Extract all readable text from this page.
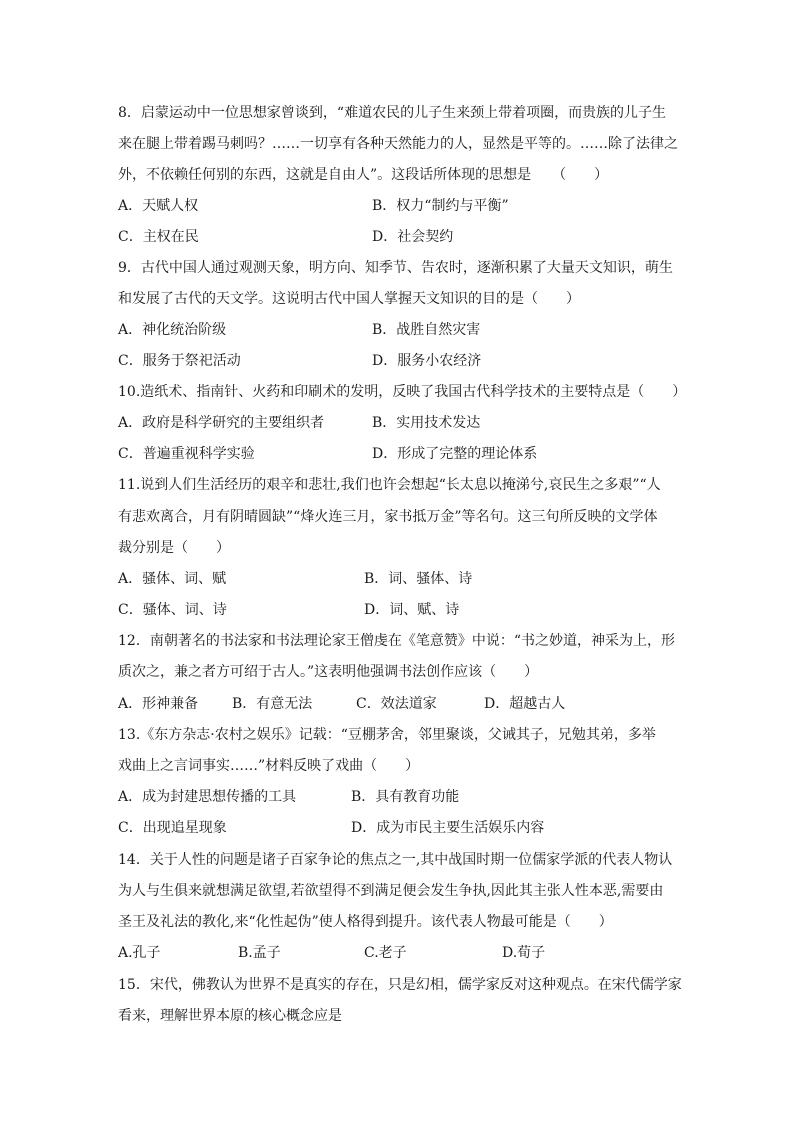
8．启蒙运动中一位思想家曾谈到，“难道农民的儿子生来颈上带着项圈，而贵族的儿子生
来在腿上带着踢马刺吗？……一切享有各种天然能力的人，显然是平等的。……除了法律之
外，不依赖任何别的东西，这就是自由人”。这段话所体现的思想是　　（　　）
A．天赋人权	B．权力“制约与平衡”
C．主权在民	D．社会契约
9．古代中国人通过观测天象，明方向、知季节、告农时，逐渐积累了大量天文知识，萌生
和发展了古代的天文学。这说明古代中国人掌握天文知识的目的是（　　）
A．神化统治阶级	B．战胜自然灾害
C．服务于祭祀活动	D．服务小农经济
10.造纸术、指南针、火药和印刷术的发明，反映了我国古代科学技术的主要特点是（　　）
A．政府是科学研究的主要组织者	B．实用技术发达
C．普遍重视科学实验	D．形成了完整的理论体系
11.说到人们生活经历的艰辛和悲壮,我们也许会想起“长太息以掩涕兮,哀民生之多艰”“人
有悲欢离合，月有阴晴圆缺”“烽火连三月，家书抵万金”等名句。这三句所反映的文学体
裁分别是（　　）
A．骚体、词、赋	B．词、骚体、诗
C．骚体、词、诗	D．词、赋、诗
12．南朝著名的书法家和书法理论家王僧虔在《笔意赞》中说：“书之妙道，神采为上，形
质次之，兼之者方可绍于古人。”这表明他强调书法创作应该（　　）
A．形神兼备 B．有意无法	C．效法道家	D．超越古人
13.《东方杂志·农村之娱乐》记载：“豆棚茅舍，邻里聚谈，父诫其子，兄勉其弟，多举
戏曲上之言词事实……”材料反映了戏曲（　　）
A．成为封建思想传播的工具	B．具有教育功能
C．出现追星现象	D．成为市民主要生活娱乐内容
14．关于人性的问题是诸子百家争论的焦点之一,其中战国时期一位儒家学派的代表人物认
为人与生俱来就想满足欲望,若欲望得不到满足便会发生争执,因此其主张人性本恶,需要由
圣王及礼法的教化,来“化性起伪”使人格得到提升。该代表人物最可能是（　　）
A.孔子	B.孟子	C.老子	D.荀子
15．宋代，佛教认为世界不是真实的存在，只是幻相，儒学家反对这种观点。在宋代儒学家
看来，理解世界本原的核心概念应是
